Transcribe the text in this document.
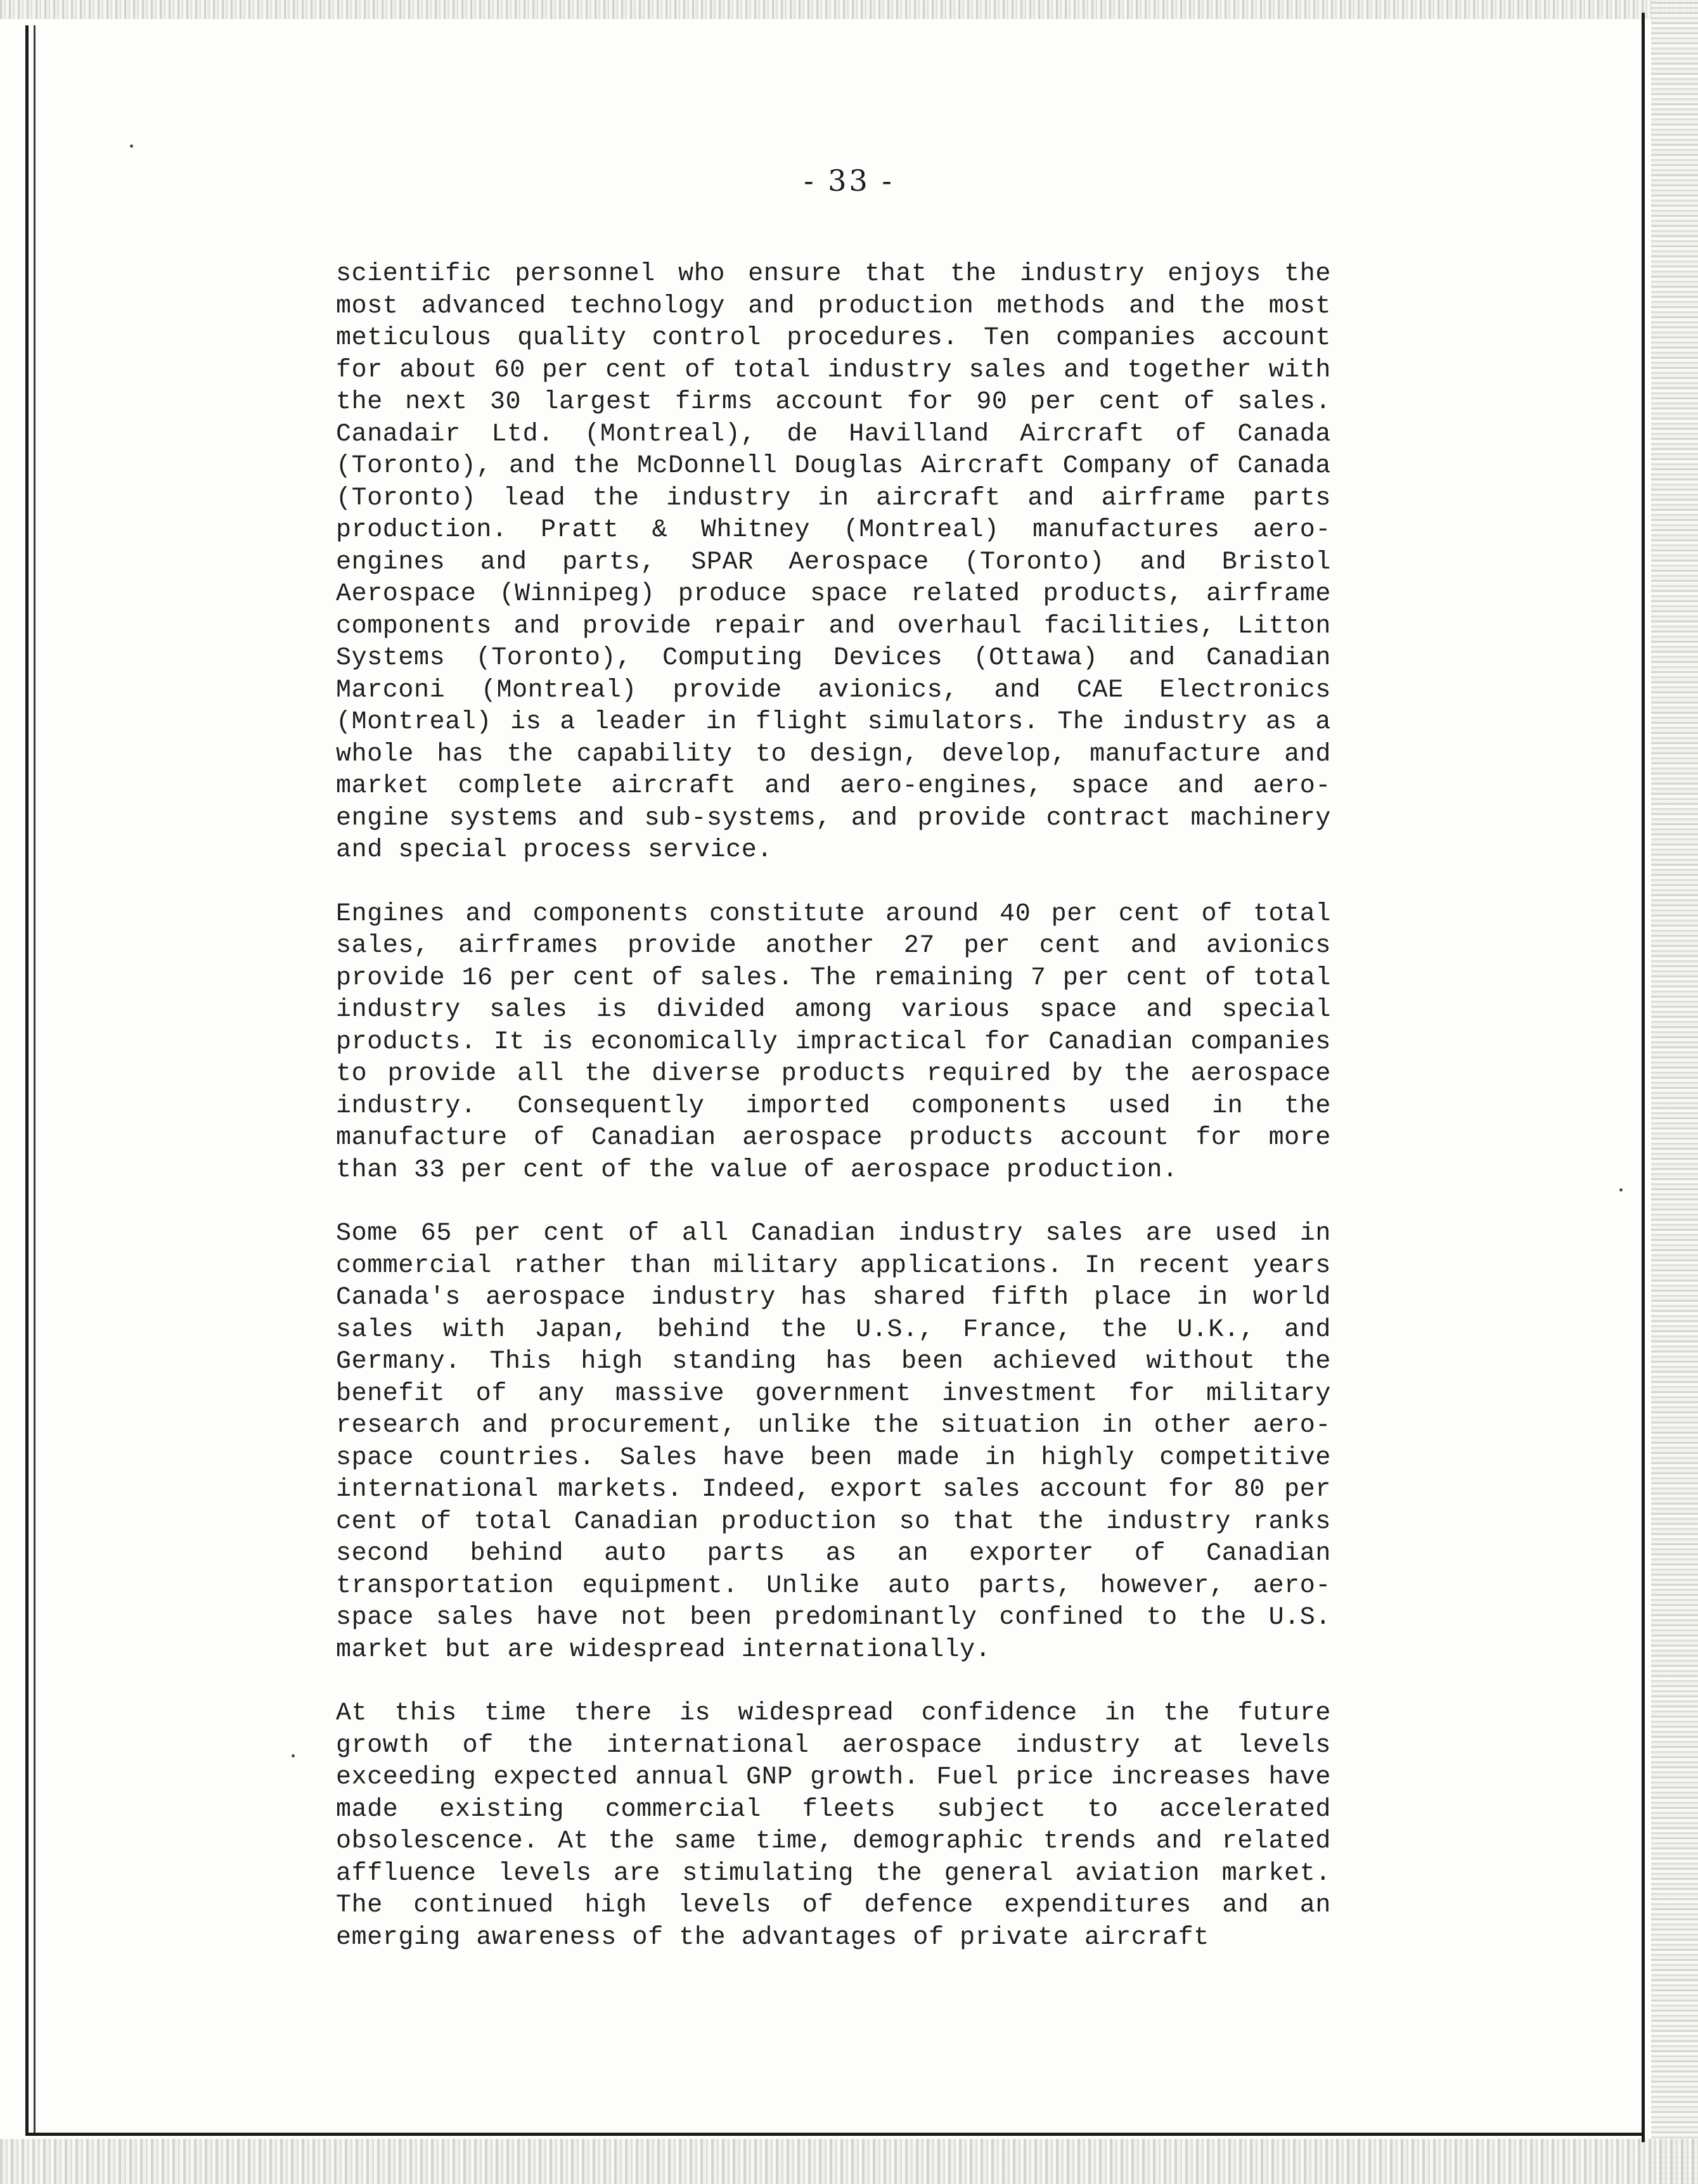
- 33 -

scientific personnel who ensure that the industry enjoys the most advanced technology and production methods and the most meticulous quality control procedures. Ten companies account for about 60 per cent of total industry sales and together with the next 30 largest firms account for 90 per cent of sales. Canadair Ltd. (Montreal), de Havilland Aircraft of Canada (Toronto), and the McDonnell Douglas Aircraft Company of Canada (Toronto) lead the industry in aircraft and airframe parts production. Pratt & Whitney (Montreal) manufactures aero-engines and parts, SPAR Aerospace (Toronto) and Bristol Aerospace (Winnipeg) produce space related products, airframe components and provide repair and overhaul facilities, Litton Systems (Toronto), Computing Devices (Ottawa) and Canadian Marconi (Montreal) provide avionics, and CAE Electronics (Montreal) is a leader in flight simulators. The industry as a whole has the capability to design, develop, manufacture and market complete aircraft and aero-engines, space and aero-engine systems and sub-systems, and provide contract machinery and special process service.

Engines and components constitute around 40 per cent of total sales, airframes provide another 27 per cent and avionics provide 16 per cent of sales. The remaining 7 per cent of total industry sales is divided among various space and special products. It is economically impractical for Canadian companies to provide all the diverse products required by the aerospace industry. Consequently imported components used in the manufacture of Canadian aerospace products account for more than 33 per cent of the value of aerospace production.

Some 65 per cent of all Canadian industry sales are used in commercial rather than military applications. In recent years Canada's aerospace industry has shared fifth place in world sales with Japan, behind the U.S., France, the U.K., and Germany. This high standing has been achieved without the benefit of any massive government investment for military research and procurement, unlike the situation in other aero-space countries. Sales have been made in highly competitive international markets. Indeed, export sales account for 80 per cent of total Canadian production so that the industry ranks second behind auto parts as an exporter of Canadian transportation equipment. Unlike auto parts, however, aero-space sales have not been predominantly confined to the U.S. market but are widespread internationally.

At this time there is widespread confidence in the future growth of the international aerospace industry at levels exceeding expected annual GNP growth. Fuel price increases have made existing commercial fleets subject to accelerated obsolescence. At the same time, demographic trends and related affluence levels are stimulating the general aviation market. The continued high levels of defence expenditures and an emerging awareness of the advantages of private aircraft
